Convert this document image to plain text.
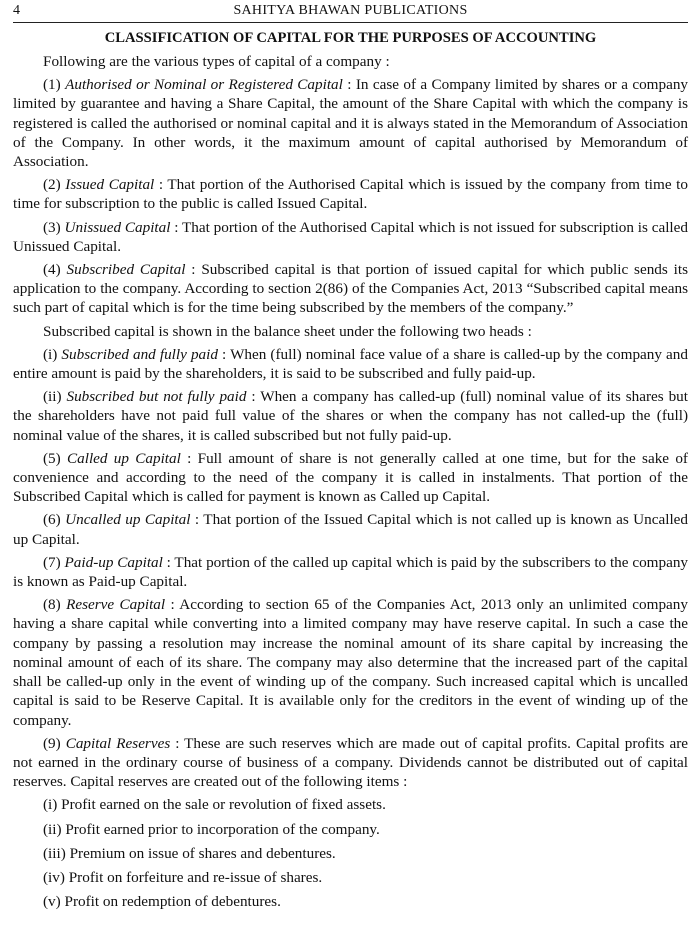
4	SAHITYA BHAWAN PUBLICATIONS
CLASSIFICATION OF CAPITAL FOR THE PURPOSES OF ACCOUNTING

Following are the various types of capital of a company :

(1) Authorised or Nominal or Registered Capital : In case of a Company limited by shares or a company limited by guarantee and having a Share Capital, the amount of the Share Capital with which the company is registered is called the authorised or nominal capital and it is always stated in the Memorandum of Association of the Company. In other words, it the maximum amount of capital authorised by Memorandum of Association.

(2) Issued Capital : That portion of the Authorised Capital which is issued by the company from time to time for subscription to the public is called Issued Capital.

(3) Unissued Capital : That portion of the Authorised Capital which is not issued for subscription is called Unissued Capital.

(4) Subscribed Capital : Subscribed capital is that portion of issued capital for which public sends its application to the company. According to section 2(86) of the Companies Act, 2013 “Subscribed capital means such part of capital which is for the time being subscribed by the members of the company.”

Subscribed capital is shown in the balance sheet under the following two heads :

(i) Subscribed and fully paid : When (full) nominal face value of a share is called-up by the company and entire amount is paid by the shareholders, it is said to be subscribed and fully paid-up.

(ii) Subscribed but not fully paid : When a company has called-up (full) nominal value of its shares but the shareholders have not paid full value of the shares or when the company has not called-up the (full) nominal value of the shares, it is called subscribed but not fully paid-up.

(5) Called up Capital : Full amount of share is not generally called at one time, but for the sake of convenience and according to the need of the company it is called in instalments. That portion of the Subscribed Capital which is called for payment is known as Called up Capital.

(6) Uncalled up Capital : That portion of the Issued Capital which is not called up is known as Uncalled up Capital.

(7) Paid-up Capital : That portion of the called up capital which is paid by the subscribers to the company is known as Paid-up Capital.

(8) Reserve Capital : According to section 65 of the Companies Act, 2013 only an unlimited company having a share capital while converting into a limited company may have reserve capital. In such a case the company by passing a resolution may increase the nominal amount of its share capital by increasing the nominal amount of each of its share. The company may also determine that the increased part of the capital shall be called-up only in the event of winding up of the company. Such increased capital which is uncalled capital is said to be Reserve Capital. It is available only for the creditors in the event of winding up of the company.

(9) Capital Reserves : These are such reserves which are made out of capital profits. Capital profits are not earned in the ordinary course of business of a company. Dividends cannot be distributed out of capital reserves. Capital reserves are created out of the following items :

(i) Profit earned on the sale or revolution of fixed assets.
(ii) Profit earned prior to incorporation of the company.
(iii) Premium on issue of shares and debentures.
(iv) Profit on forfeiture and re-issue of shares.
(v) Profit on redemption of debentures.
